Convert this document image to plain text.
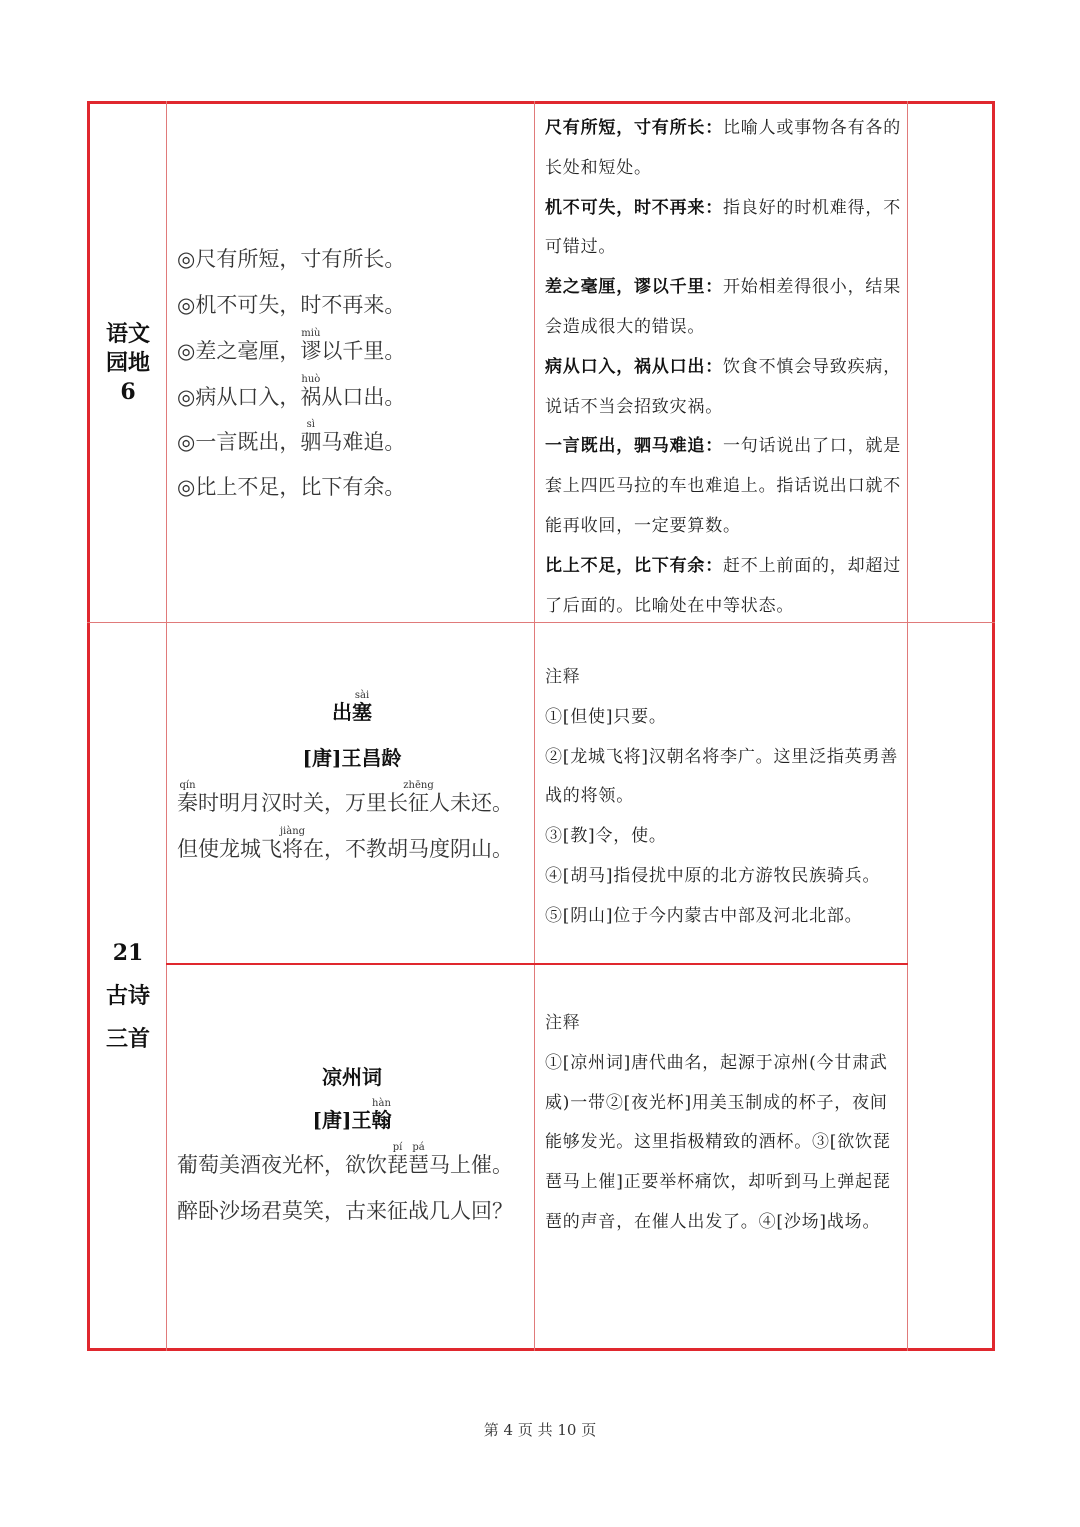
语文
园地
6
21
古诗
三首
◎尺有所短，寸有所长。
◎机不可失，时不再来。
◎差之毫厘，谬miù以千里。
◎病从口入，祸huò从口出。
◎一言既出，驷sì马难追。
◎比上不足，比下有余。

尺有所短，寸有所长：比喻人或事物各有各的长处和短处。

机不可失，时不再来：指良好的时机难得，不可错过。

差之毫厘，谬以千里：开始相差得很小，结果会造成很大的错误。

病从口入，祸从口出：饮食不慎会导致疾病，说话不当会招致灾祸。

一言既出，驷马难追：一句话说出了口，就是套上四匹马拉的车也难追上。指话说出口就不能再收回，一定要算数。

比上不足，比下有余：赶不上前面的，却超过了后面的。比喻处在中等状态。

出塞sài
[唐]王昌龄
秦qín时明月汉时关，万里长征zhēng人未还。
但使龙城飞将jiàng在，不教胡马度阴山。

注释

①[但使]只要。

②[龙城飞将]汉朝名将李广。这里泛指英勇善战的将领。

③[教]令，使。

④[胡马]指侵扰中原的北方游牧民族骑兵。

⑤[阴山]位于今内蒙古中部及河北北部。

凉州词
[唐]王翰hàn
葡萄美酒夜光杯，欲饮琵pí琶pá马上催。
醉卧沙场君莫笑，古来征战几人回？

注释

①[凉州词]唐代曲名，起源于凉州(今甘肃武威)一带②[夜光杯]用美玉制成的杯子，夜间能够发光。这里指极精致的酒杯。③[欲饮琵琶马上催]正要举杯痛饮，却听到马上弹起琵琶的声音，在催人出发了。④[沙场]战场。

第 4 页 共 10 页
